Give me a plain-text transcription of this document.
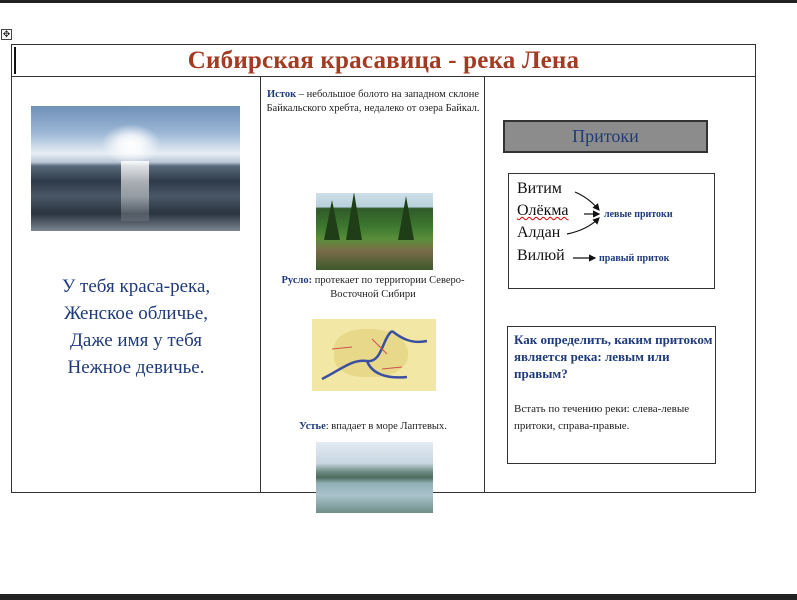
✥
Сибирская красавица - река Лена
У тебя краса-река,
Женское обличье,
Даже имя у тебя
Нежное девичье.

Исток – небольшое болото на западном склоне Байкальского хребта, недалеко от озера Байкал.

Русло: протекает по территории Северо-Восточной Сибири

Устье: впадает в море Лаптевых.

Притоки
Витим
Олёкма
Алдан
Вилюй
левые притоки
правый приток
Как определить, каким притоком является река: левым или правым?
Встать по течению реки: слева-левые притоки, справа-правые.
